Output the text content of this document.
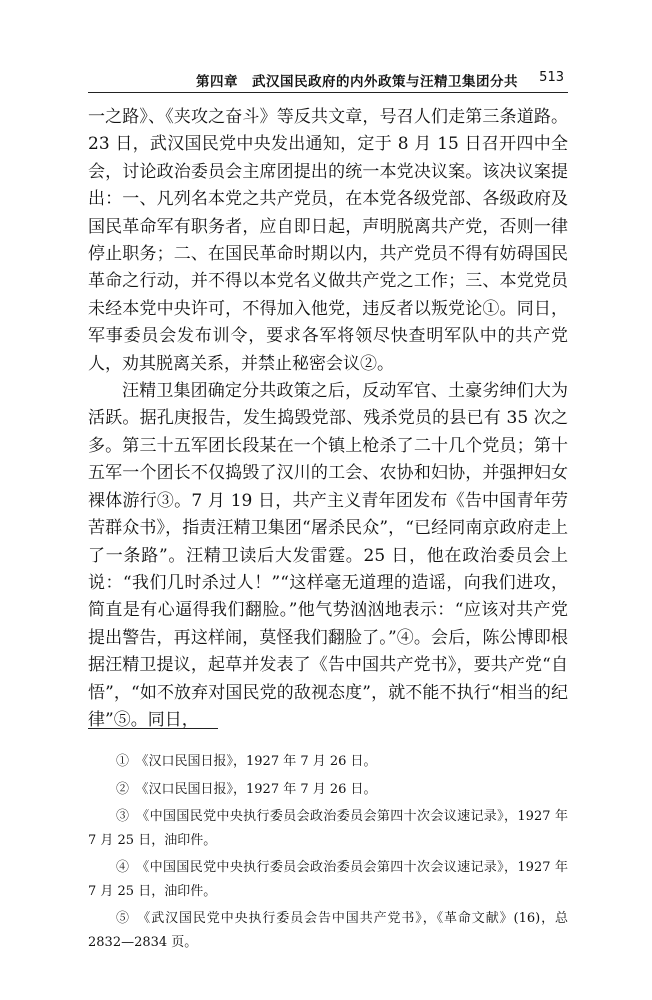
第四章　武汉国民政府的内外政策与汪精卫集团分共 513

一之路》、《夹攻之奋斗》等反共文章，号召人们走第三条道路。23 日，武汉国民党中央发出通知，定于 8 月 15 日召开四中全会，讨论政治委员会主席团提出的统一本党决议案。该决议案提出：一、凡列名本党之共产党员，在本党各级党部、各级政府及国民革命军有职务者，应自即日起，声明脱离共产党，否则一律停止职务；二、在国民革命时期以内，共产党员不得有妨碍国民革命之行动，并不得以本党名义做共产党之工作；三、本党党员未经本党中央许可，不得加入他党，违反者以叛党论①。同日，军事委员会发布训令，要求各军将领尽快查明军队中的共产党人，劝其脱离关系，并禁止秘密会议②。

汪精卫集团确定分共政策之后，反动军官、土豪劣绅们大为活跃。据孔庚报告，发生捣毁党部、残杀党员的县已有 35 次之多。第三十五军团长段某在一个镇上枪杀了二十几个党员；第十五军一个团长不仅捣毁了汉川的工会、农协和妇协，并强押妇女裸体游行③。7 月 19 日，共产主义青年团发布《告中国青年劳苦群众书》，指责汪精卫集团“屠杀民众”，“已经同南京政府走上了一条路”。汪精卫读后大发雷霆。25 日，他在政治委员会上说：“我们几时杀过人！”“这样毫无道理的造谣，向我们进攻，简直是有心逼得我们翻脸。”他气势汹汹地表示：“应该对共产党提出警告，再这样闹，莫怪我们翻脸了。”④。会后，陈公博即根据汪精卫提议，起草并发表了《告中国共产党书》，要共产党“自悟”，“如不放弃对国民党的敌视态度”，就不能不执行“相当的纪律”⑤。同日，

①　《汉口民国日报》，1927 年 7 月 26 日。

②　《汉口民国日报》，1927 年 7 月 26 日。

③　《中国国民党中央执行委员会政治委员会第四十次会议速记录》，1927 年 7 月 25 日，油印件。

④　《中国国民党中央执行委员会政治委员会第四十次会议速记录》，1927 年 7 月 25 日，油印件。

⑤　《武汉国民党中央执行委员会告中国共产党书》，《革命文献》(16)，总 2832—2834 页。
